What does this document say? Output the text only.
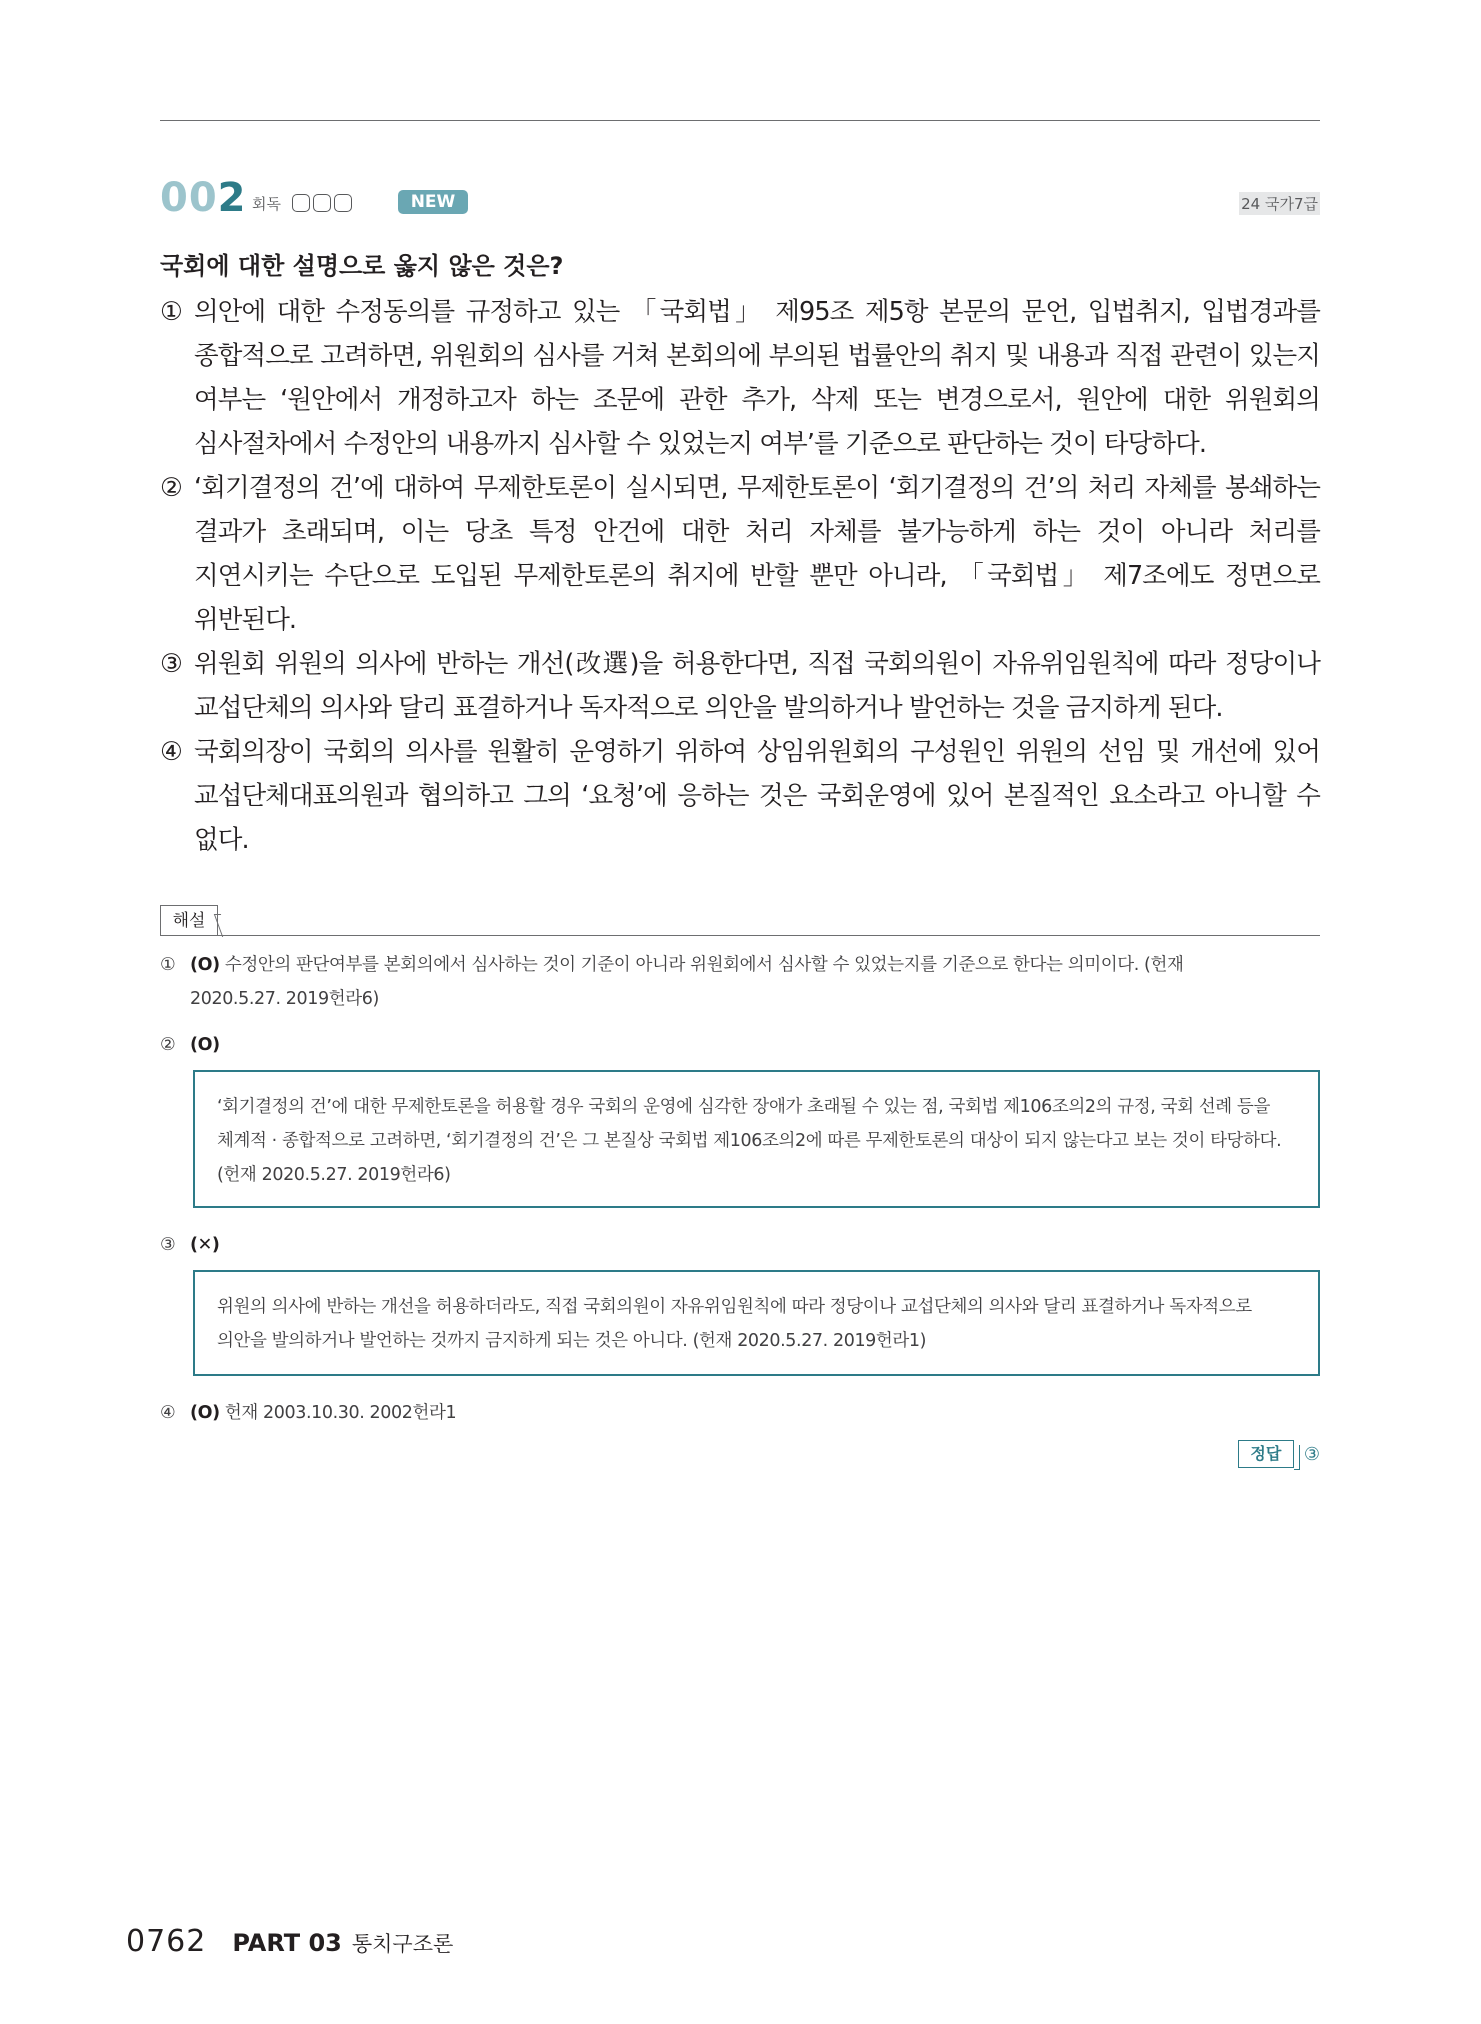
002 회독	NEW	24 국가7급
국회에 대한 설명으로 옳지 않은 것은?
① 의안에 대한 수정동의를 규정하고 있는 「국회법」 제95조 제5항 본문의 문언, 입법취지, 입법경과를 종합적으로 고려하면, 위원회의 심사를 거쳐 본회의에 부의된 법률안의 취지 및 내용과 직접 관련이 있는지 여부는 ‘원안에서 개정하고자 하는 조문에 관한 추가, 삭제 또는 변경으로서, 원안에 대한 위원회의 심사절차에서 수정안의 내용까지 심사할 수 있었는지 여부’를 기준으로 판단하는 것이 타당하다.
② ‘회기결정의 건’에 대하여 무제한토론이 실시되면, 무제한토론이 ‘회기결정의 건’의 처리 자체를 봉쇄하는 결과가 초래되며, 이는 당초 특정 안건에 대한 처리 자체를 불가능하게 하는 것이 아니라 처리를 지연시키는 수단으로 도입된 무제한토론의 취지에 반할 뿐만 아니라, 「국회법」 제7조에도 정면으로 위반된다.
③ 위원회 위원의 의사에 반하는 개선(改選)을 허용한다면, 직접 국회의원이 자유위임원칙에 따라 정당이나 교섭단체의 의사와 달리 표결하거나 독자적으로 의안을 발의하거나 발언하는 것을 금지하게 된다.
④ 국회의장이 국회의 의사를 원활히 운영하기 위하여 상임위원회의 구성원인 위원의 선임 및 개선에 있어 교섭단체대표의원과 협의하고 그의 ‘요청’에 응하는 것은 국회운영에 있어 본질적인 요소라고 아니할 수 없다.
해설
① (O) 수정안의 판단여부를 본회의에서 심사하는 것이 기준이 아니라 위원회에서 심사할 수 있었는지를 기준으로 한다는 의미이다. (헌재
2020.5.27. 2019헌라6)
② (O)
‘회기결정의 건’에 대한 무제한토론을 허용할 경우 국회의 운영에 심각한 장애가 초래될 수 있는 점, 국회법 제106조의2의 규정, 국회 선례 등을 체계적 · 종합적으로 고려하면, ‘회기결정의 건’은 그 본질상 국회법 제106조의2에 따른 무제한토론의 대상이 되지 않는다고 보는 것이 타당하다. (헌재 2020.5.27. 2019헌라6)
③ (✕)
위원의 의사에 반하는 개선을 허용하더라도, 직접 국회의원이 자유위임원칙에 따라 정당이나 교섭단체의 의사와 달리 표결하거나 독자적으로 의안을 발의하거나 발언하는 것까지 금지하게 되는 것은 아니다. (헌재 2020.5.27. 2019헌라1)
④ (O) 헌재 2003.10.30. 2002헌라1
정답 ③
0762 PART 03 통치구조론
